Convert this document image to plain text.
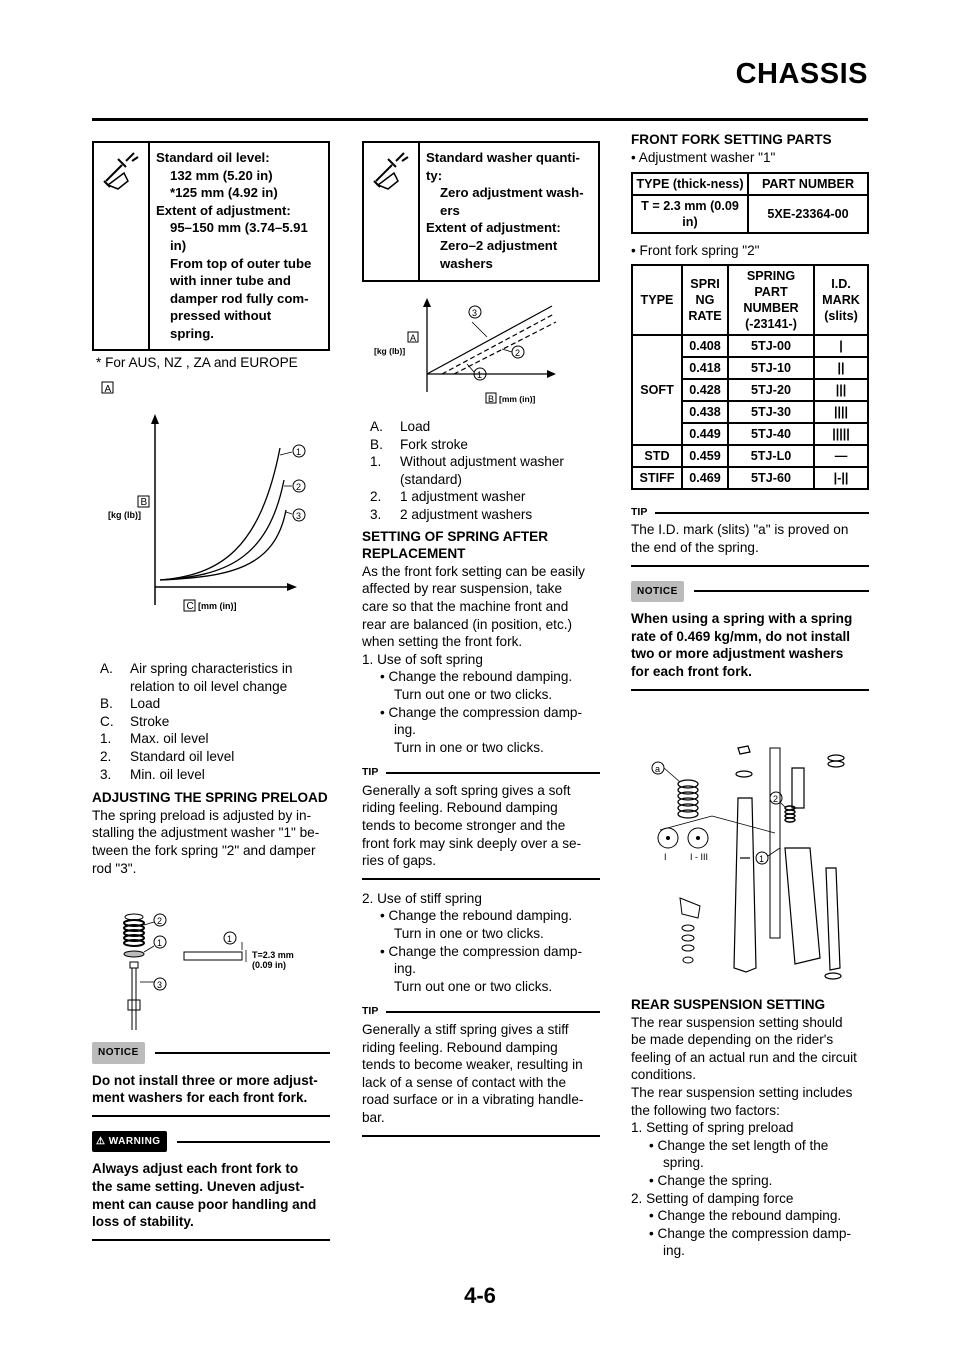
CHASSIS
Standard oil level:
132 mm (5.20 in)
*125 mm (4.92 in)
Extent of adjustment:
95–150 mm (3.74–5.91
in)
From top of outer tube
with inner tube and
damper rod fully com-
pressed without
spring.
* For AUS, NZ , ZA and EUROPE
A
B
[kg (lb)]
C [mm (in)]
1
2
3
A.	Air spring characteristics in
relation to oil level change
B.	Load
C.	Stroke
1.	Max. oil level
2.	Standard oil level
3.	Min. oil level
ADJUSTING THE SPRING PRELOAD
The spring preload is adjusted by in-
stalling the adjustment washer "1" be-
tween the fork spring "2" and damper
rod "3".
2
1
3
1
T=2.3 mm
(0.09 in)
NOTICE
Do not install three or more adjust-
ment washers for each front fork.
⚠ WARNING
Always adjust each front fork to
the same setting. Uneven adjust-
ment can cause poor handling and
loss of stability.
Standard washer quanti-
ty:
Zero adjustment wash-
ers
Extent of adjustment:
Zero–2 adjustment
washers
A
[kg (lb)]
B [mm (in)]
3
2
1
A.	Load
B.	Fork stroke
1.	Without adjustment washer
(standard)
2.	1 adjustment washer
3.	2 adjustment washers
SETTING OF SPRING AFTER REPLACEMENT
As the front fork setting can be easily
affected by rear suspension, take
care so that the machine front and
rear are balanced (in position, etc.)
when setting the front fork.
1. Use of soft spring
• Change the rebound damping.
Turn out one or two clicks.
• Change the compression damp-
ing.
Turn in one or two clicks.
TIP
Generally a soft spring gives a soft
riding feeling. Rebound damping
tends to become stronger and the
front fork may sink deeply over a se-
ries of gaps.
2. Use of stiff spring
• Change the rebound damping.
Turn in one or two clicks.
• Change the compression damp-
ing.
Turn out one or two clicks.
TIP
Generally a stiff spring gives a stiff
riding feeling. Rebound damping
tends to become weaker, resulting in
lack of a sense of contact with the
road surface or in a vibrating handle-
bar.
FRONT FORK SETTING PARTS
• Adjustment washer "1"
TYPE (thick-ness)	PART NUMBER
T = 2.3 mm (0.09 in)	5XE-23364-00
• Front fork spring "2"
TYPE	SPRI NG RATE	SPRING PART NUMBER (-23141-)	I.D. MARK (slits)
SOFT	0.408	5TJ-00	|
	0.418	5TJ-10	||
	0.428	5TJ-20	|||
	0.438	5TJ-30	||||
	0.449	5TJ-40	|||||
STD	0.459	5TJ-L0	—
STIFF	0.469	5TJ-60	|-||
TIP
The I.D. mark (slits) "a" is proved on
the end of the spring.
NOTICE
When using a spring with a spring
rate of 0.469 kg/mm, do not install
two or more adjustment washers
for each front fork.
a
I	I - III
2
1
REAR SUSPENSION SETTING
The rear suspension setting should
be made depending on the rider's
feeling of an actual run and the circuit
conditions.
The rear suspension setting includes
the following two factors:
1. Setting of spring preload
• Change the set length of the
spring.
• Change the spring.
2. Setting of damping force
• Change the rebound damping.
• Change the compression damp-
ing.
4-6
